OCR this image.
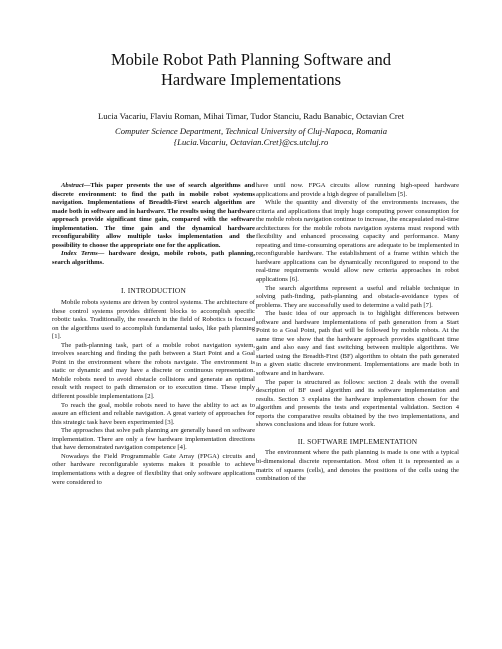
Mobile Robot Path Planning Software and
Hardware Implementations
Lucia Vacariu, Flaviu Roman, Mihai Timar, Tudor Stanciu, Radu Banabic, Octavian Cret
Computer Science Department, Technical University of Cluj-Napoca, Romania
{Lucia.Vacariu, Octavian.Cret}@cs.utcluj.ro

Abstract—This paper presents the use of search algorithms and discrete environment: to find the path in mobile robot systems navigation. Implementations of Breadth-First search algorithm are made both in software and in hardware. The results using the hardware approach provide significant time gain, compared with the software implementation. The time gain and the dynamical hardware reconfigurability allow multiple tasks implementation and the possibility to choose the appropriate one for the application.

Index Terms— hardware design, mobile robots, path planning, search algorithms.

I. INTRODUCTION

Mobile robots systems are driven by control systems. The architecture of these control systems provides different blocks to accomplish specific robotic tasks. Traditionally, the research in the field of Robotics is focused on the algorithms used to accomplish fundamental tasks, like path planning [1].

The path-planning task, part of a mobile robot navigation system, involves searching and finding the path between a Start Point and a Goal Point in the environment where the robots navigate. The environment is static or dynamic and may have a discrete or continuous representation. Mobile robots need to avoid obstacle collisions and generate an optimal result with respect to path dimension or to execution time. These imply different possible implementations [2].

To reach the goal, mobile robots need to have the ability to act as to assure an efficient and reliable navigation. A great variety of approaches for this strategic task have been experimented [3].

The approaches that solve path planning are generally based on software implementation. There are only a few hardware implementation directions that have demonstrated navigation competence [4].

Nowadays the Field Programmable Gate Array (FPGA) circuits and other hardware reconfigurable systems makes it possible to achieve implementations with a degree of flexibility that only software applications were considered to

have until now. FPGA circuits allow running high-speed hardware applications and provide a high degree of parallelism [5].

While the quantity and diversity of the environments increases, the criteria and applications that imply huge computing power consumption for the mobile robots navigation continue to increase, the encapsulated real-time architectures for the mobile robots navigation systems must respond with flexibility and enhanced processing capacity and performance. Many repeating and time-consuming operations are adequate to be implemented in reconfigurable hardware. The establishment of a frame within which the hardware applications can be dynamically reconfigured to respond to the real-time requirements would allow new criteria approaches in robot applications [6].

The search algorithms represent a useful and reliable technique in solving path-finding, path-planning and obstacle-avoidance types of problems. They are successfully used to determine a valid path [7].

The basic idea of our approach is to highlight differences between software and hardware implementations of path generation from a Start Point to a Goal Point, path that will be followed by mobile robots. At the same time we show that the hardware approach provides significant time gain and also easy and fast switching between multiple algorithms. We started using the Breadth-First (BF) algorithm to obtain the path generated in a given static discrete environment. Implementations are made both in software and in hardware.

The paper is structured as follows: section 2 deals with the overall description of BF used algorithm and its software implementation and results. Section 3 explains the hardware implementation chosen for the algorithm and presents the tests and experimental validation. Section 4 reports the comparative results obtained by the two implementations, and shows conclusions and ideas for future work.

II. SOFTWARE IMPLEMENTATION

The environment where the path planning is made is one with a typical bi-dimensional discrete representation. Most often it is represented as a matrix of squares (cells), and denotes the positions of the cells using the combination of the
